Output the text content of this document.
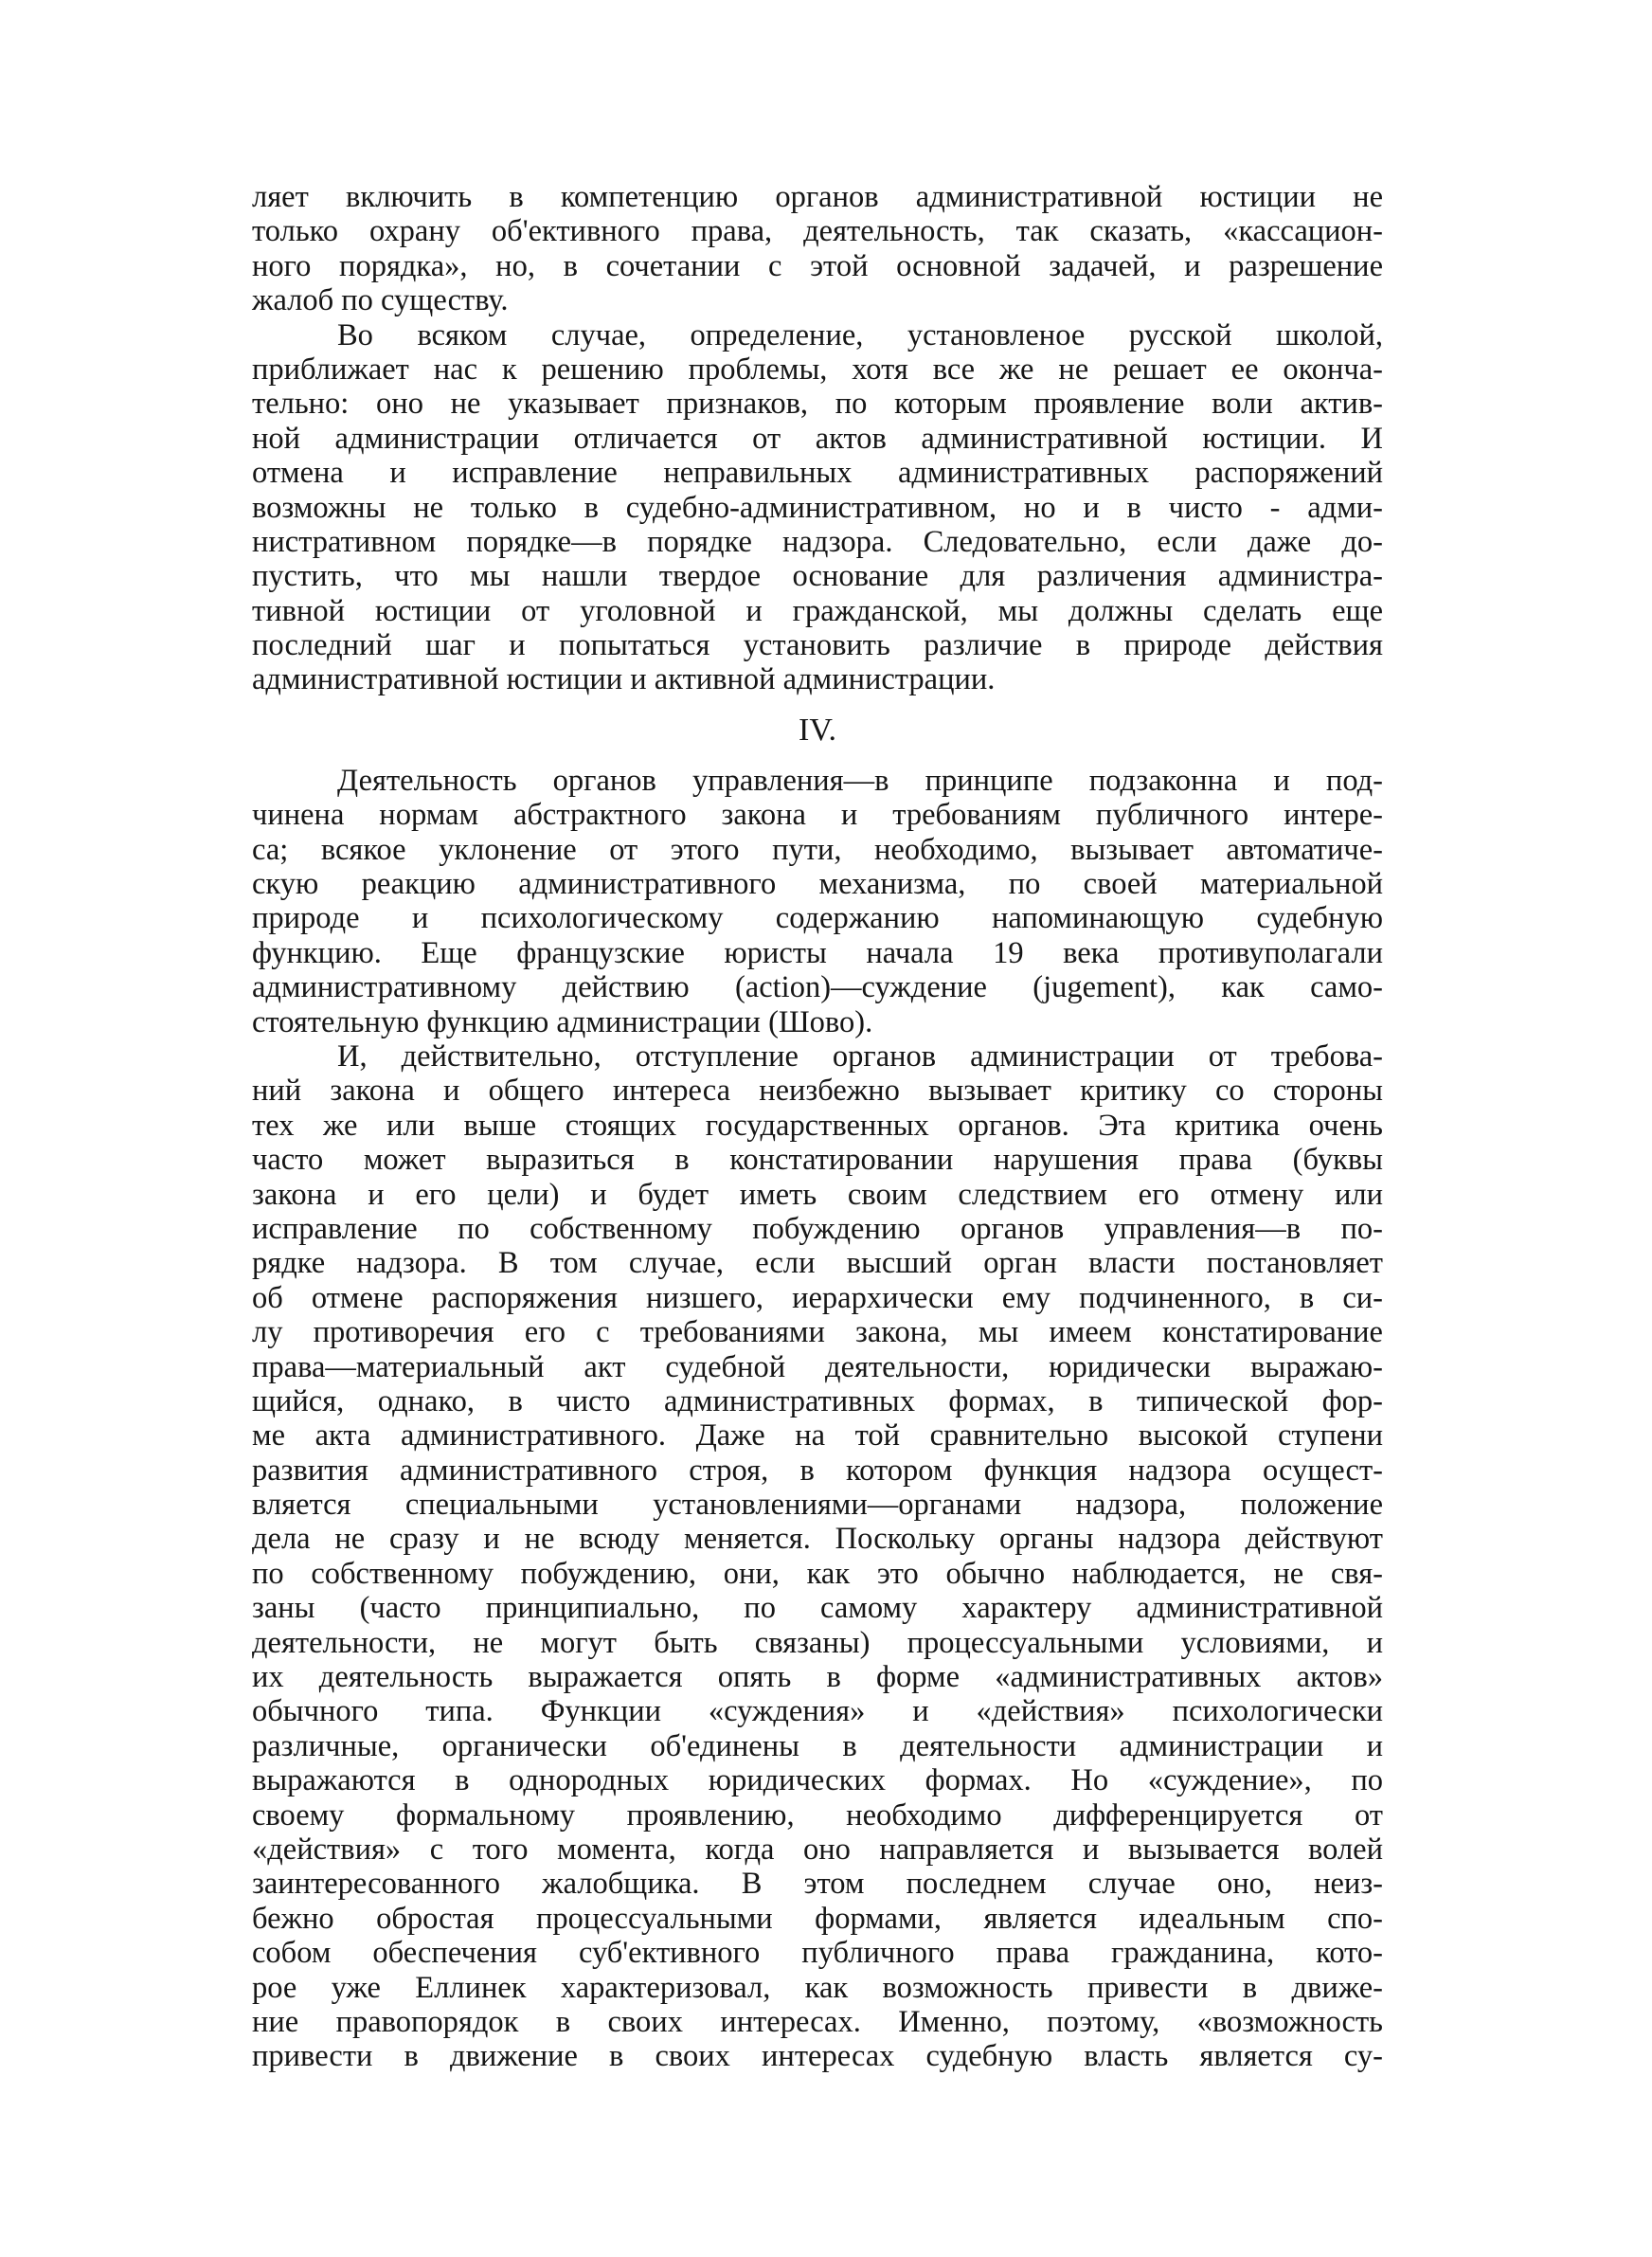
ляет включить в компетенцию органов административной юстиции не
только охрану об'ективного права, деятельность, так сказать, «кассацион-
ного порядка», но, в сочетании с этой основной задачей, и разрешение
жалоб по существу.
Во всяком случае, определение, установленое русской школой,
приближает нас к решению проблемы, хотя все же не решает ее оконча-
тельно: оно не указывает признаков, по которым проявление воли актив-
ной администрации отличается от актов административной юстиции. И
отмена и исправление неправильных административных распоряжений
возможны не только в судебно-административном, но и в чисто - адми-
нистративном порядке—в порядке надзора. Следовательно, если даже до-
пустить, что мы нашли твердое основание для различения администра-
тивной юстиции от уголовной и гражданской, мы должны сделать еще
последний шаг и попытаться установить различие в природе действия
административной юстиции и активной администрации.
IV.
Деятельность органов управления—в принципе подзаконна и под-
чинена нормам абстрактного закона и требованиям публичного интере-
са; всякое уклонение от этого пути, необходимо, вызывает автоматиче-
скую реакцию административного механизма, по своей материальной
природе и психологическому содержанию напоминающую судебную
функцию. Еще французские юристы начала 19 века противуполагали
административному действию (action)—суждение (jugement), как само-
стоятельную функцию администрации (Шово).
И, действительно, отступление органов администрации от требова-
ний закона и общего интереса неизбежно вызывает критику со стороны
тех же или выше стоящих государственных органов. Эта критика очень
часто может выразиться в констатировании нарушения права (буквы
закона и его цели) и будет иметь своим следствием его отмену или
исправление по собственному побуждению органов управления—в по-
рядке надзора. В том случае, если высший орган власти постановляет
об отмене распоряжения низшего, иерархически ему подчиненного, в си-
лу противоречия его с требованиями закона, мы имеем констатирование
права—материальный акт судебной деятельности, юридически выражаю-
щийся, однако, в чисто административных формах, в типической фор-
ме акта административного. Даже на той сравнительно высокой ступени
развития административного строя, в котором функция надзора осущест-
вляется специальными установлениями—органами надзора, положение
дела не сразу и не всюду меняется. Поскольку органы надзора действуют
по собственному побуждению, они, как это обычно наблюдается, не свя-
заны (часто принципиально, по самому характеру административной
деятельности, не могут быть связаны) процессуальными условиями, и
их деятельность выражается опять в форме «административных актов»
обычного типа. Функции «суждения» и «действия» психологически
различные, органически об'единены в деятельности администрации и
выражаются в однородных юридических формах. Но «суждение», по
своему формальному проявлению, необходимо дифференцируется от
«действия» с того момента, когда оно направляется и вызывается волей
заинтересованного жалобщика. В этом последнем случае оно, неиз-
бежно обростая процессуальными формами, является идеальным спо-
собом обеспечения суб'ективного публичного права гражданина, кото-
рое уже Еллинек характеризовал, как возможность привести в движе-
ние правопорядок в своих интересах. Именно, поэтому, «возможность
привести в движение в своих интересах судебную власть является су-
